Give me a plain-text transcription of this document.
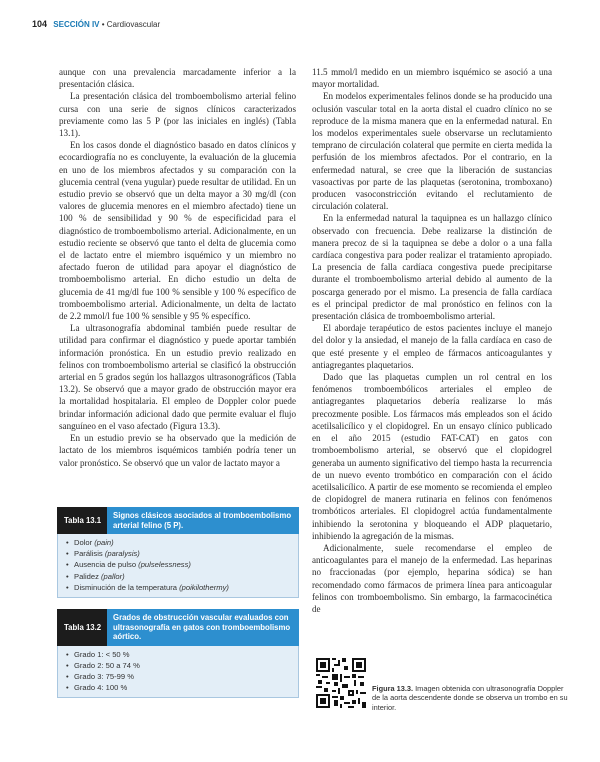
104 SECCIÓN IV • Cardiovascular

aunque con una prevalencia marcadamente inferior a la presentación clásica.

La presentación clásica del tromboembolismo arterial felino cursa con una serie de signos clínicos caracterizados previamente como las 5 P (por las iniciales en inglés) (Tabla 13.1).

En los casos donde el diagnóstico basado en datos clínicos y ecocardiografía no es concluyente, la evaluación de la glucemia en uno de los miembros afectados y su comparación con la glucemia central (vena yugular) puede resultar de utilidad. En un estudio previo se observó que un delta mayor a 30 mg/dl (con valores de glucemia menores en el miembro afectado) tiene un 100 % de sensibilidad y 90 % de especificidad para el diagnóstico de tromboembolismo arterial. Adicionalmente, en un estudio reciente se observó que tanto el delta de glucemia como el de lactato entre el miembro isquémico y un miembro no afectado fueron de utilidad para apoyar el diagnóstico de tromboembolismo arterial. En dicho estudio un delta de glucemia de 41 mg/dl fue 100 % sensible y 100 % específico de tromboembolismo arterial. Adicionalmente, un delta de lactato de 2.2 mmol/l fue 100 % sensible y 95 % específico.

La ultrasonografía abdominal también puede resultar de utilidad para confirmar el diagnóstico y puede aportar también información pronóstica. En un estudio previo realizado en felinos con tromboembolismo arterial se clasificó la obstrucción arterial en 5 grados según los hallazgos ultrasonográficos (Tabla 13.2). Se observó que a mayor grado de obstrucción mayor era la mortalidad hospitalaria. El empleo de Doppler color puede brindar información adicional dado que permite evaluar el flujo sanguíneo en el vaso afectado (Figura 13.3).

En un estudio previo se ha observado que la medición de lactato de los miembros isquémicos también podría tener un valor pronóstico. Se observó que un valor de lactato mayor a

11.5 mmol/l medido en un miembro isquémico se asoció a una mayor mortalidad.

En modelos experimentales felinos donde se ha producido una oclusión vascular total en la aorta distal el cuadro clínico no se reproduce de la misma manera que en la enfermedad natural. En los modelos experimentales suele observarse un reclutamiento temprano de circulación colateral que permite en cierta medida la perfusión de los miembros afectados. Por el contrario, en la enfermedad natural, se cree que la liberación de sustancias vasoactivas por parte de las plaquetas (serotonina, tromboxano) producen vasoconstricción evitando el reclutamiento de circulación colateral.

En la enfermedad natural la taquipnea es un hallazgo clínico observado con frecuencia. Debe realizarse la distinción de manera precoz de si la taquipnea se debe a dolor o a una falla cardíaca congestiva para poder realizar el tratamiento apropiado. La presencia de falla cardíaca congestiva puede precipitarse durante el tromboembolismo arterial debido al aumento de la poscarga generado por el mismo. La presencia de falla cardíaca es el principal predictor de mal pronóstico en felinos con la presentación clásica de tromboembolismo arterial.

El abordaje terapéutico de estos pacientes incluye el manejo del dolor y la ansiedad, el manejo de la falla cardíaca en caso de que esté presente y el empleo de fármacos anticoagulantes y antiagregantes plaquetarios.

Dado que las plaquetas cumplen un rol central en los fenómenos tromboembólicos arteriales el empleo de antiagregantes plaquetarios debería realizarse lo más precozmente posible. Los fármacos más empleados son el ácido acetilsalicílico y el clopidogrel. En un ensayo clínico publicado en el año 2015 (estudio FAT-CAT) en gatos con tromboembolismo arterial, se observó que el clopidogrel generaba un aumento significativo del tiempo hasta la recurrencia de un nuevo evento trombótico en comparación con el ácido acetilsalicílico. A partir de ese momento se recomienda el empleo de clopidogrel de manera rutinaria en felinos con fenómenos trombóticos arteriales. El clopidogrel actúa fundamentalmente inhibiendo la serotonina y bloqueando el ADP plaquetario, inhibiendo la agregación de la mismas.

Adicionalmente, suele recomendarse el empleo de anticoagulantes para el manejo de la enfermedad. Las heparinas no fraccionadas (por ejemplo, heparina sódica) se han recomendado como fármacos de primera línea para anticoagular felinos con tromboembolismo. Sin embargo, la farmacocinética de

Tabla 13.1
Signos clásicos asociados al tromboembolismo arterial felino (5 P).
• Dolor (pain)
• Parálisis (paralysis)
• Ausencia de pulso (pulselessness)
• Palidez (pallor)
• Disminución de la temperatura (poikilothermy)
Tabla 13.2
Grados de obstrucción vascular evaluados con ultrasonografía en gatos con tromboembolismo aórtico.
• Grado 1: < 50 %
• Grado 2: 50 a 74 %
• Grado 3: 75-99 %
• Grado 4: 100 %	Figura 13.3. Imagen obtenida con ultrasonografía Doppler de la aorta descendente donde se observa un trombo en su interior.
